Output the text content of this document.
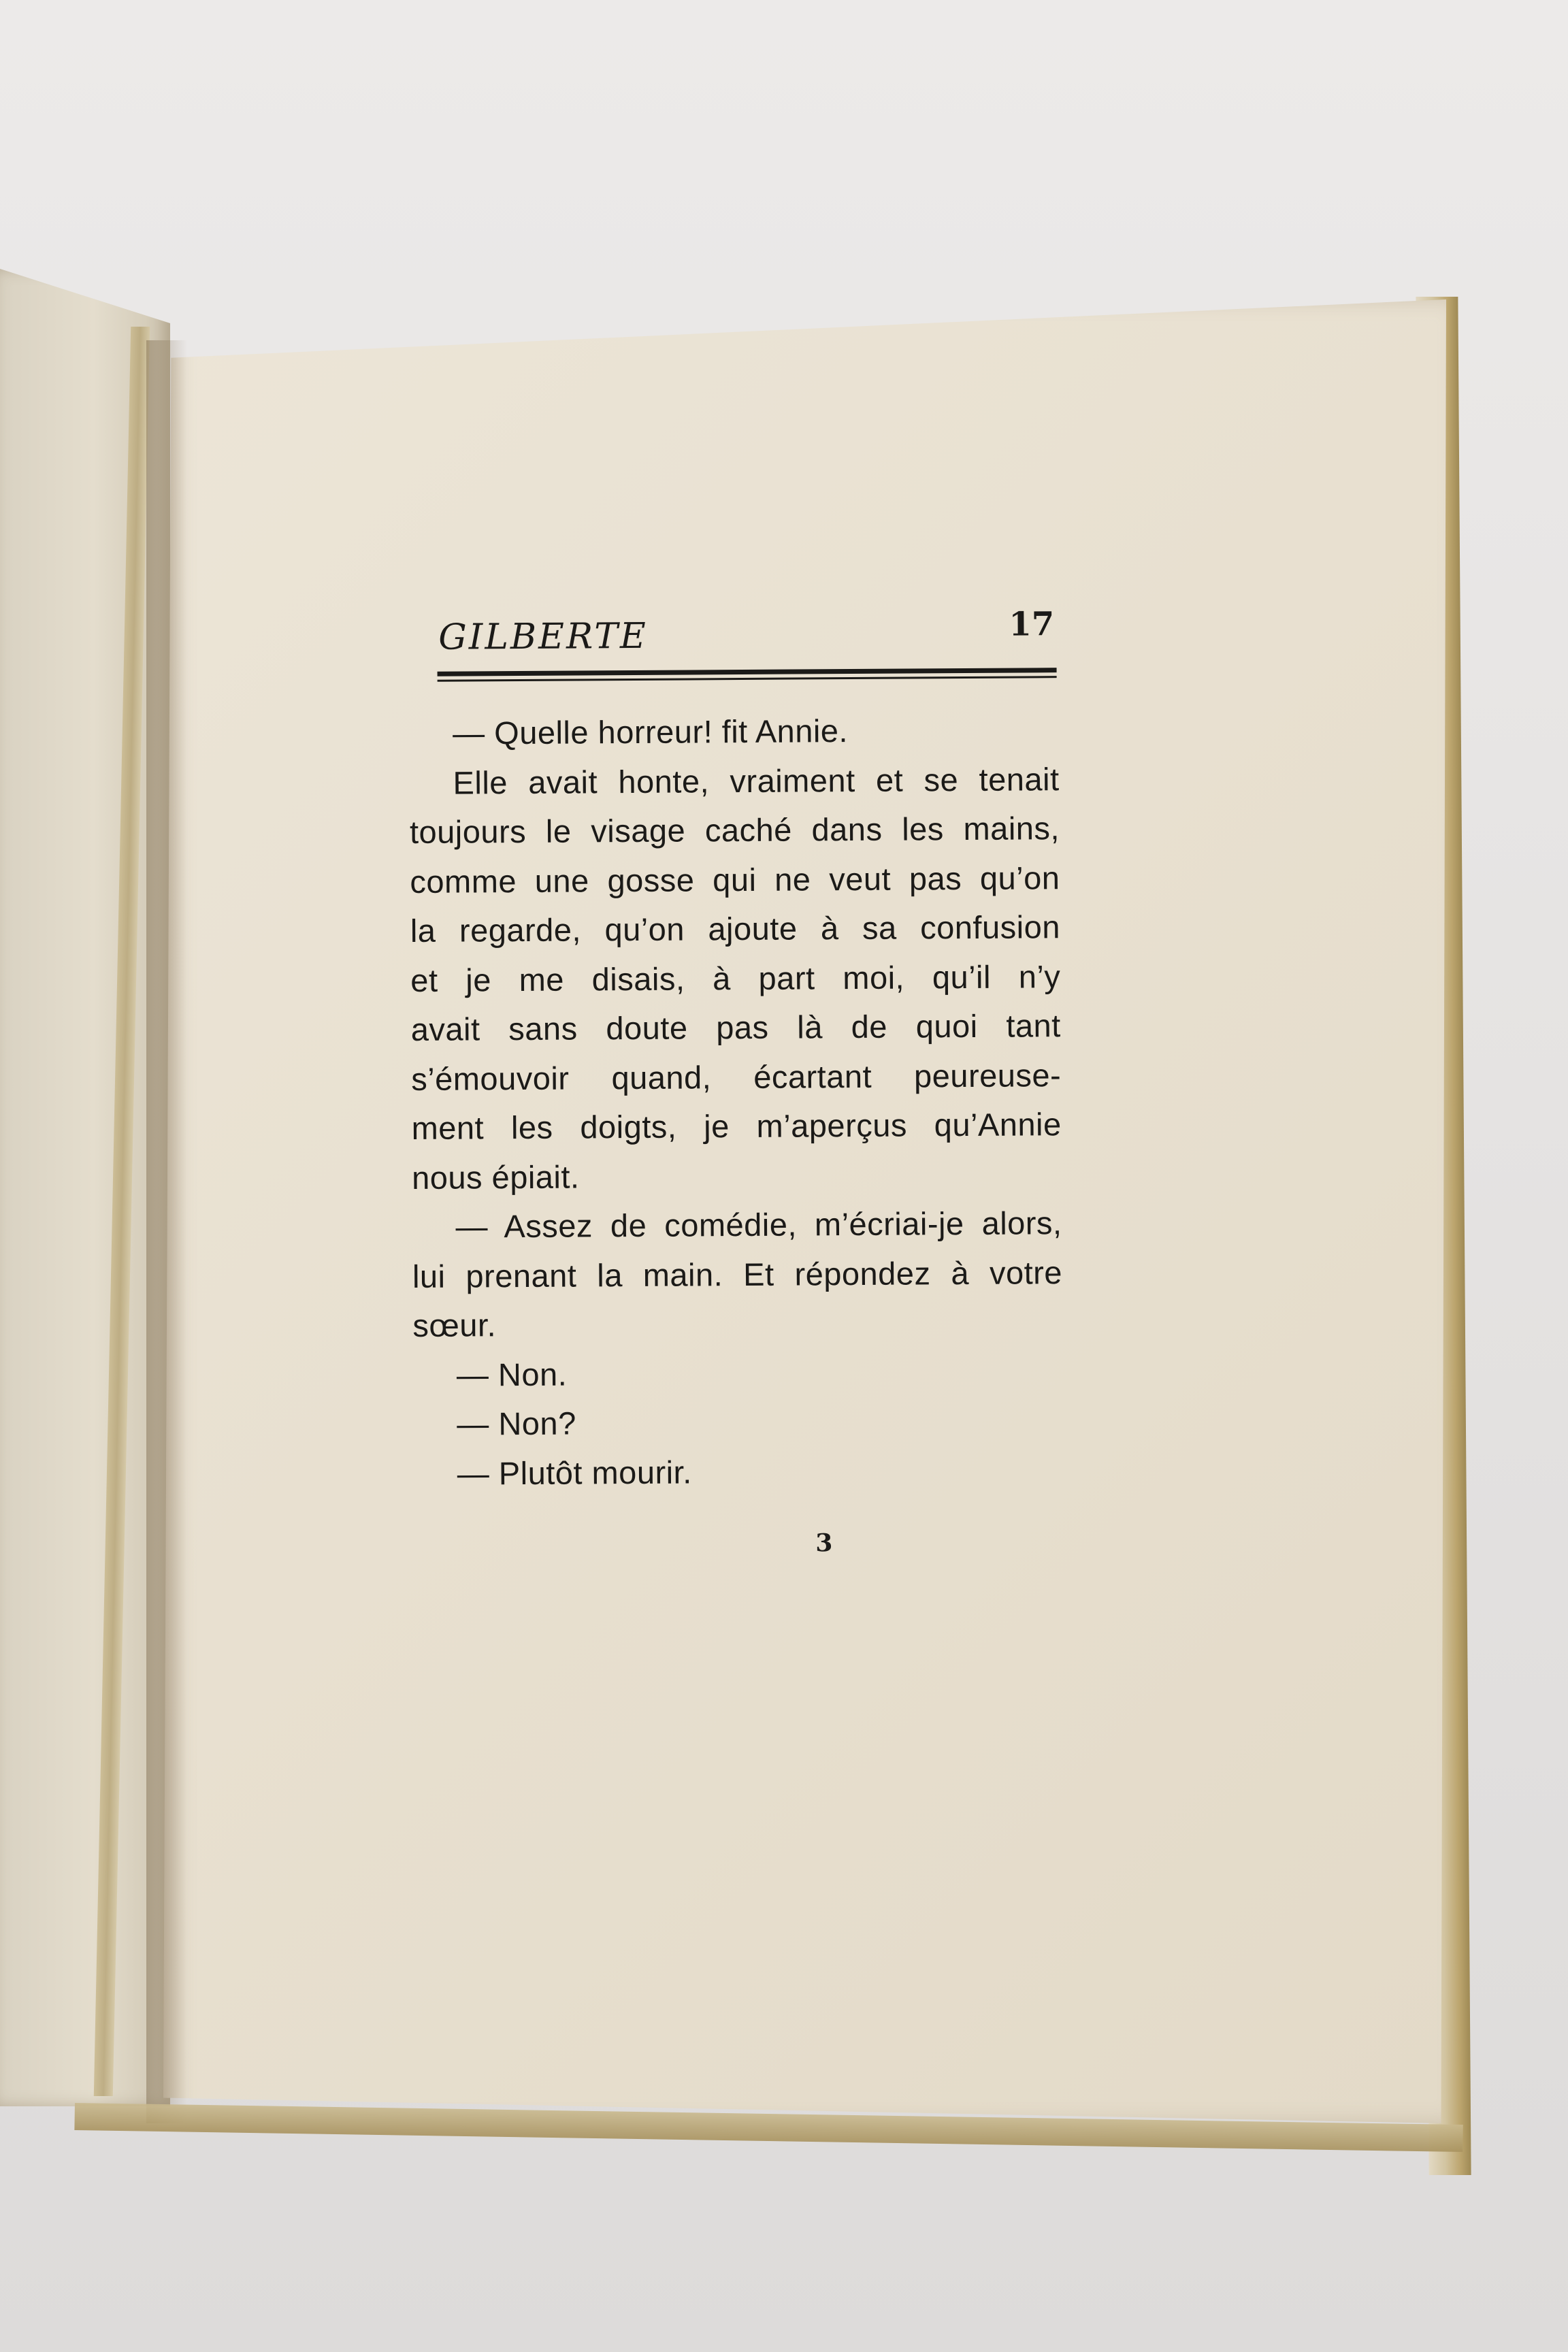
GILBERTE	17
— Quelle horreur! fit Annie.
Elle avait honte, vraiment et se tenait
toujours le visage caché dans les mains,
comme une gosse qui ne veut pas qu’on
la regarde, qu’on ajoute à sa confusion
et je me disais, à part moi, qu’il n’y
avait sans doute pas là de quoi tant
s’émouvoir quand, écartant peureuse-
ment les doigts, je m’aperçus qu’Annie
nous épiait.
— Assez de comédie, m’écriai-je alors,
lui prenant la main. Et répondez à votre
sœur.
— Non.
— Non?
— Plutôt mourir.
3
